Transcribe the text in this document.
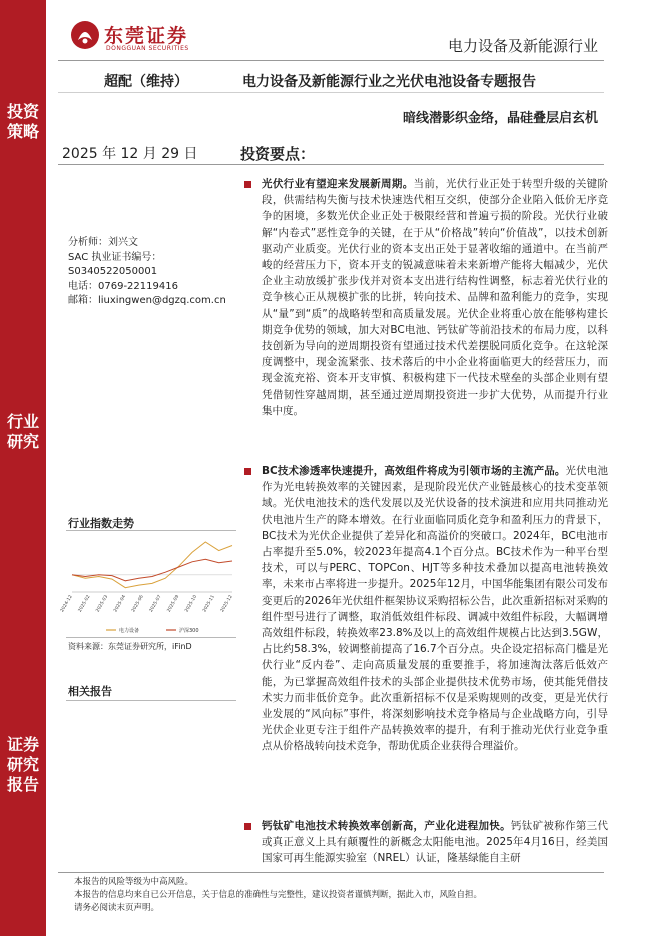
投资策略
行业研究
证券研究报告
东莞证券
DONGGUAN SECURITIES	电力设备及新能源行业
超配（维持）	电力设备及新能源行业之光伏电池设备专题报告
暗线潜影织金络，晶硅叠层启玄机
2025 年 12 月 29 日	投资要点：
分析师：刘兴文
SAC 执业证书编号：
S0340522050001
电话：0769-22119416
邮箱：liuxingwen@dgzq.com.cn
行业指数走势
2024-12 2025-02 2025-03 2025-04 2025-06 2025-07 2025-09 2025-10 2025-11 2025-12
电力设备	沪深300
资料来源：东莞证券研究所，iFinD
相关报告
光伏行业有望迎来发展新周期。当前，光伏行业正处于转型升级的关键阶段，供需结构失衡与技术快速迭代相互交织，使部分企业陷入低价无序竞争的困境，多数光伏企业正处于极限经营和普遍亏损的阶段。光伏行业破解“内卷式”恶性竞争的关键，在于从“价格战”转向“价值战”，以技术创新驱动产业质变。光伏行业的资本支出正处于显著收缩的通道中。在当前严峻的经营压力下，资本开支的锐减意味着未来新增产能将大幅减少，光伏企业主动放缓扩张步伐并对资本支出进行结构性调整，标志着光伏行业的竞争核心正从规模扩张的比拼，转向技术、品牌和盈利能力的竞争，实现从“量”到“质”的战略转型和高质量发展。光伏企业将重心放在能够构建长期竞争优势的领域，加大对BC电池、钙钛矿等前沿技术的布局力度，以科技创新为导向的逆周期投资有望通过技术代差摆脱同质化竞争。在这轮深度调整中，现金流紧张、技术落后的中小企业将面临更大的经营压力，而现金流充裕、资本开支审慎、积极构建下一代技术壁垒的头部企业则有望凭借韧性穿越周期，甚至通过逆周期投资进一步扩大优势，从而提升行业集中度。
BC技术渗透率快速提升，高效组件将成为引领市场的主流产品。光伏电池作为光电转换效率的关键因素，是现阶段光伏产业链最核心的技术变革领域。光伏电池技术的迭代发展以及光伏设备的技术演进和应用共同推动光伏电池片生产的降本增效。在行业面临同质化竞争和盈利压力的背景下，BC技术为光伏企业提供了差异化和高溢价的突破口。2024年，BC电池市占率提升至5.0%，较2023年提高4.1个百分点。BC技术作为一种平台型技术，可以与PERC、TOPCon、HJT等多种技术叠加以提高电池转换效率，未来市占率将进一步提升。2025年12月，中国华能集团有限公司发布变更后的2026年光伏组件框架协议采购招标公告，此次重新招标对采购的组件型号进行了调整，取消低效组件标段、调减中效组件标段，大幅调增高效组件标段，转换效率23.8%及以上的高效组件规模占比达到3.5GW，占比约58.3%，较调整前提高了16.7个百分点。央企设定招标高门槛是光伏行业“反内卷”、走向高质量发展的重要推手，将加速淘汰落后低效产能，为已掌握高效组件技术的头部企业提供技术优势市场，使其能凭借技术实力而非低价竞争。此次重新招标不仅是采购规则的改变，更是光伏行业发展的“风向标”事件，将深刻影响技术竞争格局与企业战略方向，引导光伏企业更专注于组件产品转换效率的提升，有利于推动光伏行业竞争重点从价格战转向技术竞争，帮助优质企业获得合理溢价。
钙钛矿电池技术转换效率创新高，产业化进程加快。钙钛矿被称作第三代或真正意义上具有颠覆性的新概念太阳能电池。2025年4月16日，经美国国家可再生能源实验室（NREL）认证，隆基绿能自主研
本报告的风险等级为中高风险。
本报告的信息均来自已公开信息，关于信息的准确性与完整性，建议投资者谨慎判断，据此入市，风险自担。
请务必阅读末页声明。
